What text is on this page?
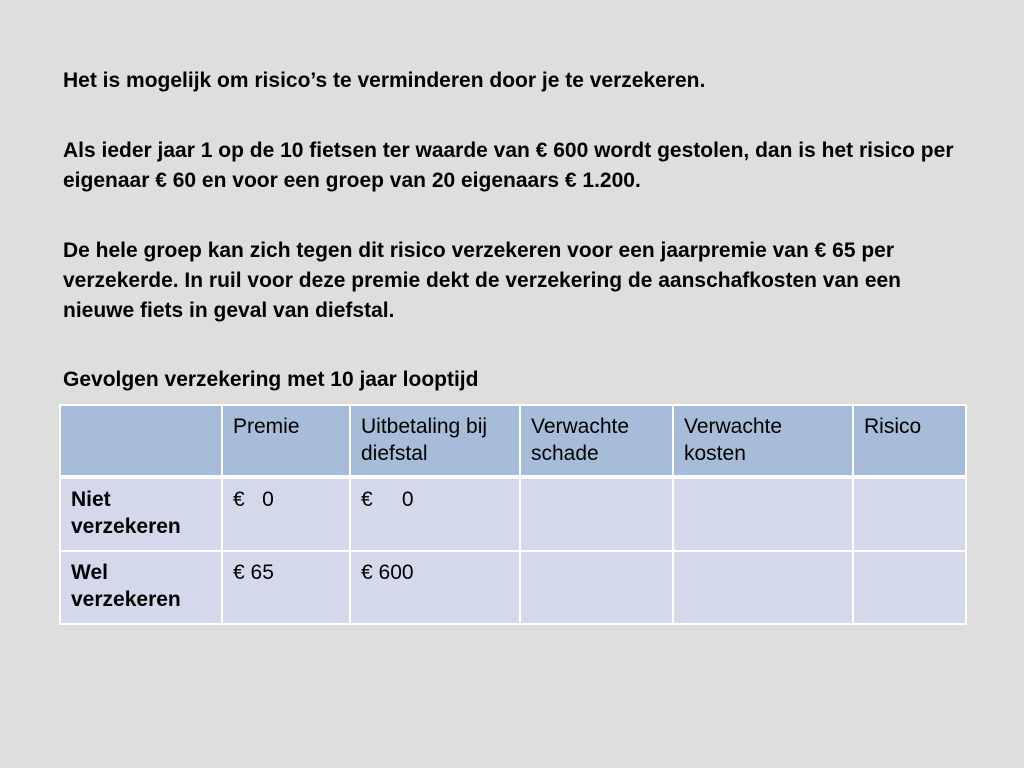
Het is mogelijk om risico’s te verminderen door je te verzekeren.

Als ieder jaar 1 op de 10 fietsen ter waarde van € 600 wordt gestolen, dan is het risico per eigenaar € 60 en voor een groep van 20 eigenaars € 1.200.

De hele groep kan zich tegen dit risico verzekeren voor een jaarpremie van € 65 per verzekerde. In ruil voor deze premie dekt de verzekering de aanschafkosten van een nieuwe fiets in geval van diefstal.

Gevolgen verzekering met 10 jaar looptijd

	Premie	Uitbetaling bij diefstal	Verwachte schade	Verwachte kosten	Risico
Niet verzekeren	€   0	€     0			
Wel verzekeren	€ 65	€ 600			
